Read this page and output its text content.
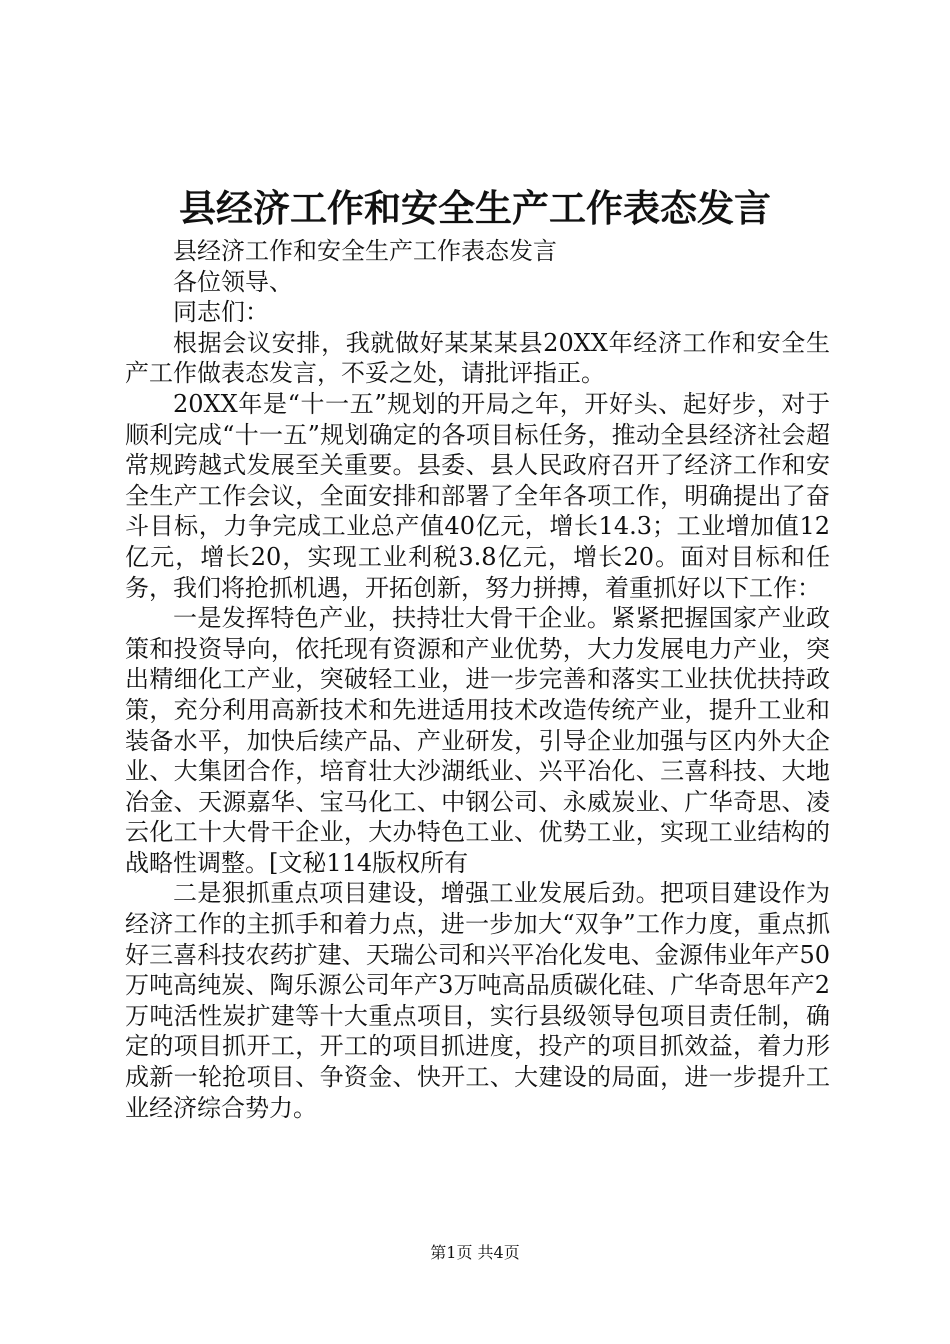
县经济工作和安全生产工作表态发言

县经济工作和安全生产工作表态发言

各位领导、

同志们：

根据会议安排，我就做好某某某县20XX年经济工作和安全生产工作做表态发言，不妥之处，请批评指正。

20XX年是“十一五”规划的开局之年，开好头、起好步，对于顺利完成“十一五”规划确定的各项目标任务，推动全县经济社会超常规跨越式发展至关重要。县委、县人民政府召开了经济工作和安全生产工作会议，全面安排和部署了全年各项工作，明确提出了奋斗目标，力争完成工业总产值40亿元，增长14.3；工业增加值12亿元，增长20，实现工业利税3.8亿元，增长20。面对目标和任务，我们将抢抓机遇，开拓创新，努力拼搏，着重抓好以下工作：

一是发挥特色产业，扶持壮大骨干企业。紧紧把握国家产业政策和投资导向，依托现有资源和产业优势，大力发展电力产业，突出精细化工产业，突破轻工业，进一步完善和落实工业扶优扶持政策，充分利用高新技术和先进适用技术改造传统产业，提升工业和装备水平，加快后续产品、产业研发，引导企业加强与区内外大企业、大集团合作，培育壮大沙湖纸业、兴平冶化、三喜科技、大地冶金、天源嘉华、宝马化工、中钢公司、永威炭业、广华奇思、凌云化工十大骨干企业，大办特色工业、优势工业，实现工业结构的战略性调整。[文秘114版权所有

二是狠抓重点项目建设，增强工业发展后劲。把项目建设作为经济工作的主抓手和着力点，进一步加大“双争”工作力度，重点抓好三喜科技农药扩建、天瑞公司和兴平冶化发电、金源伟业年产50万吨高纯炭、陶乐源公司年产3万吨高品质碳化硅、广华奇思年产2万吨活性炭扩建等十大重点项目，实行县级领导包项目责任制，确定的项目抓开工，开工的项目抓进度，投产的项目抓效益，着力形成新一轮抢项目、争资金、快开工、大建设的局面，进一步提升工业经济综合势力。

第1页 共4页
